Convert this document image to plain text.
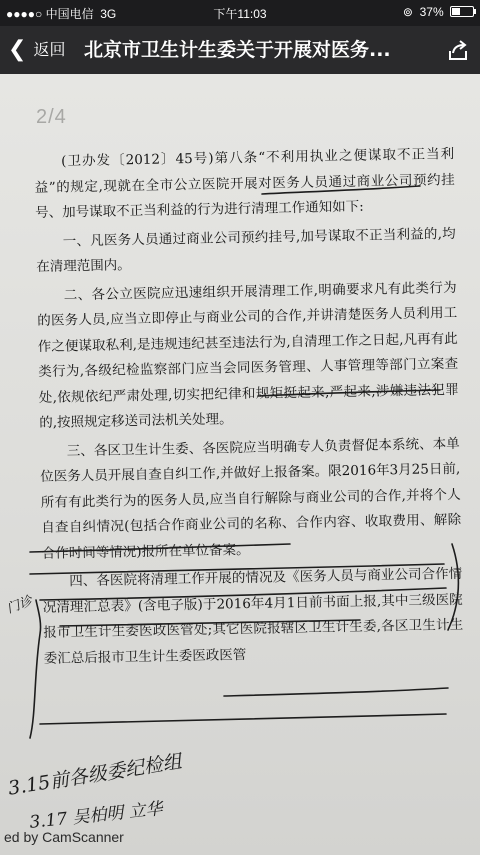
●●●●○ 中国电信 3G	下午11:03	⊚ 37%
❮ 返回 北京市卫生计生委关于开展对医务...
2/4

(卫办发〔2012〕45号)第八条“不利用执业之便谋取不正当利益”的规定,现就在全市公立医院开展对医务人员通过商业公司预约挂号、加号谋取不正当利益的行为进行清理工作通知如下:

一、凡医务人员通过商业公司预约挂号,加号谋取不正当利益的,均在清理范围内。

二、各公立医院应迅速组织开展清理工作,明确要求凡有此类行为的医务人员,应当立即停止与商业公司的合作,并讲清楚医务人员利用工作之便谋取私利,是违规违纪甚至违法行为,自清理工作之日起,凡再有此类行为,各级纪检监察部门应当会同医务管理、人事管理等部门立案查处,依规依纪严肃处理,切实把纪律和规矩挺起来,严起来,涉嫌违法犯罪的,按照规定移送司法机关处理。

三、各区卫生计生委、各医院应当明确专人负责督促本系统、本单位医务人员开展自查自纠工作,并做好上报备案。限2016年3月25日前,所有有此类行为的医务人员,应当自行解除与商业公司的合作,并将个人自查自纠情况(包括合作商业公司的名称、合作内容、收取费用、解除合作时间等情况)报所在单位备案。

四、各医院将清理工作开展的情况及《医务人员与商业公司合作情况清理汇总表》(含电子版)于2016年4月1日前书面上报,其中三级医院报市卫生计生委医政医管处;其它医院报辖区卫生计生委,各区卫生计生委汇总后报市卫生计生委医政医管

门诊
3.15前各级委纪检组
3.17 吴柏明 立华
ed by CamScanner
